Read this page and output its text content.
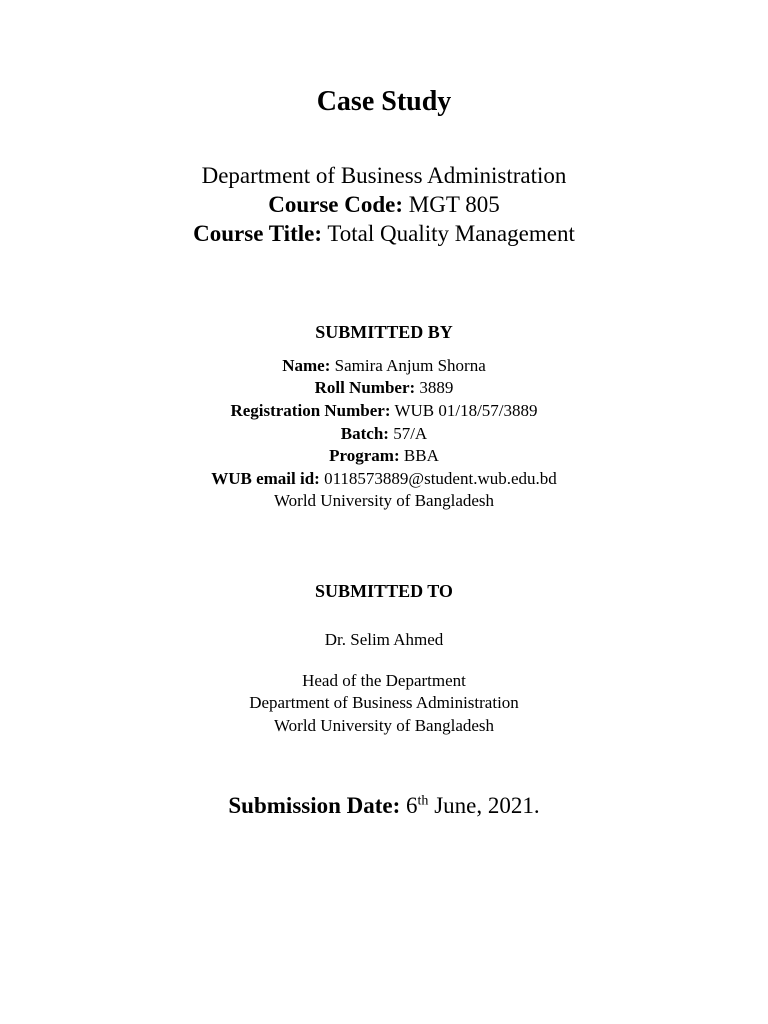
Case Study
Department of Business Administration
Course Code: MGT 805
Course Title: Total Quality Management
SUBMITTED BY
Name: Samira Anjum Shorna
Roll Number: 3889
Registration Number: WUB 01/18/57/3889
Batch: 57/A
Program: BBA
WUB email id: 0118573889@student.wub.edu.bd
World University of Bangladesh
SUBMITTED TO
Dr. Selim Ahmed
Head of the Department
Department of Business Administration
World University of Bangladesh
Submission Date: 6th June, 2021.
